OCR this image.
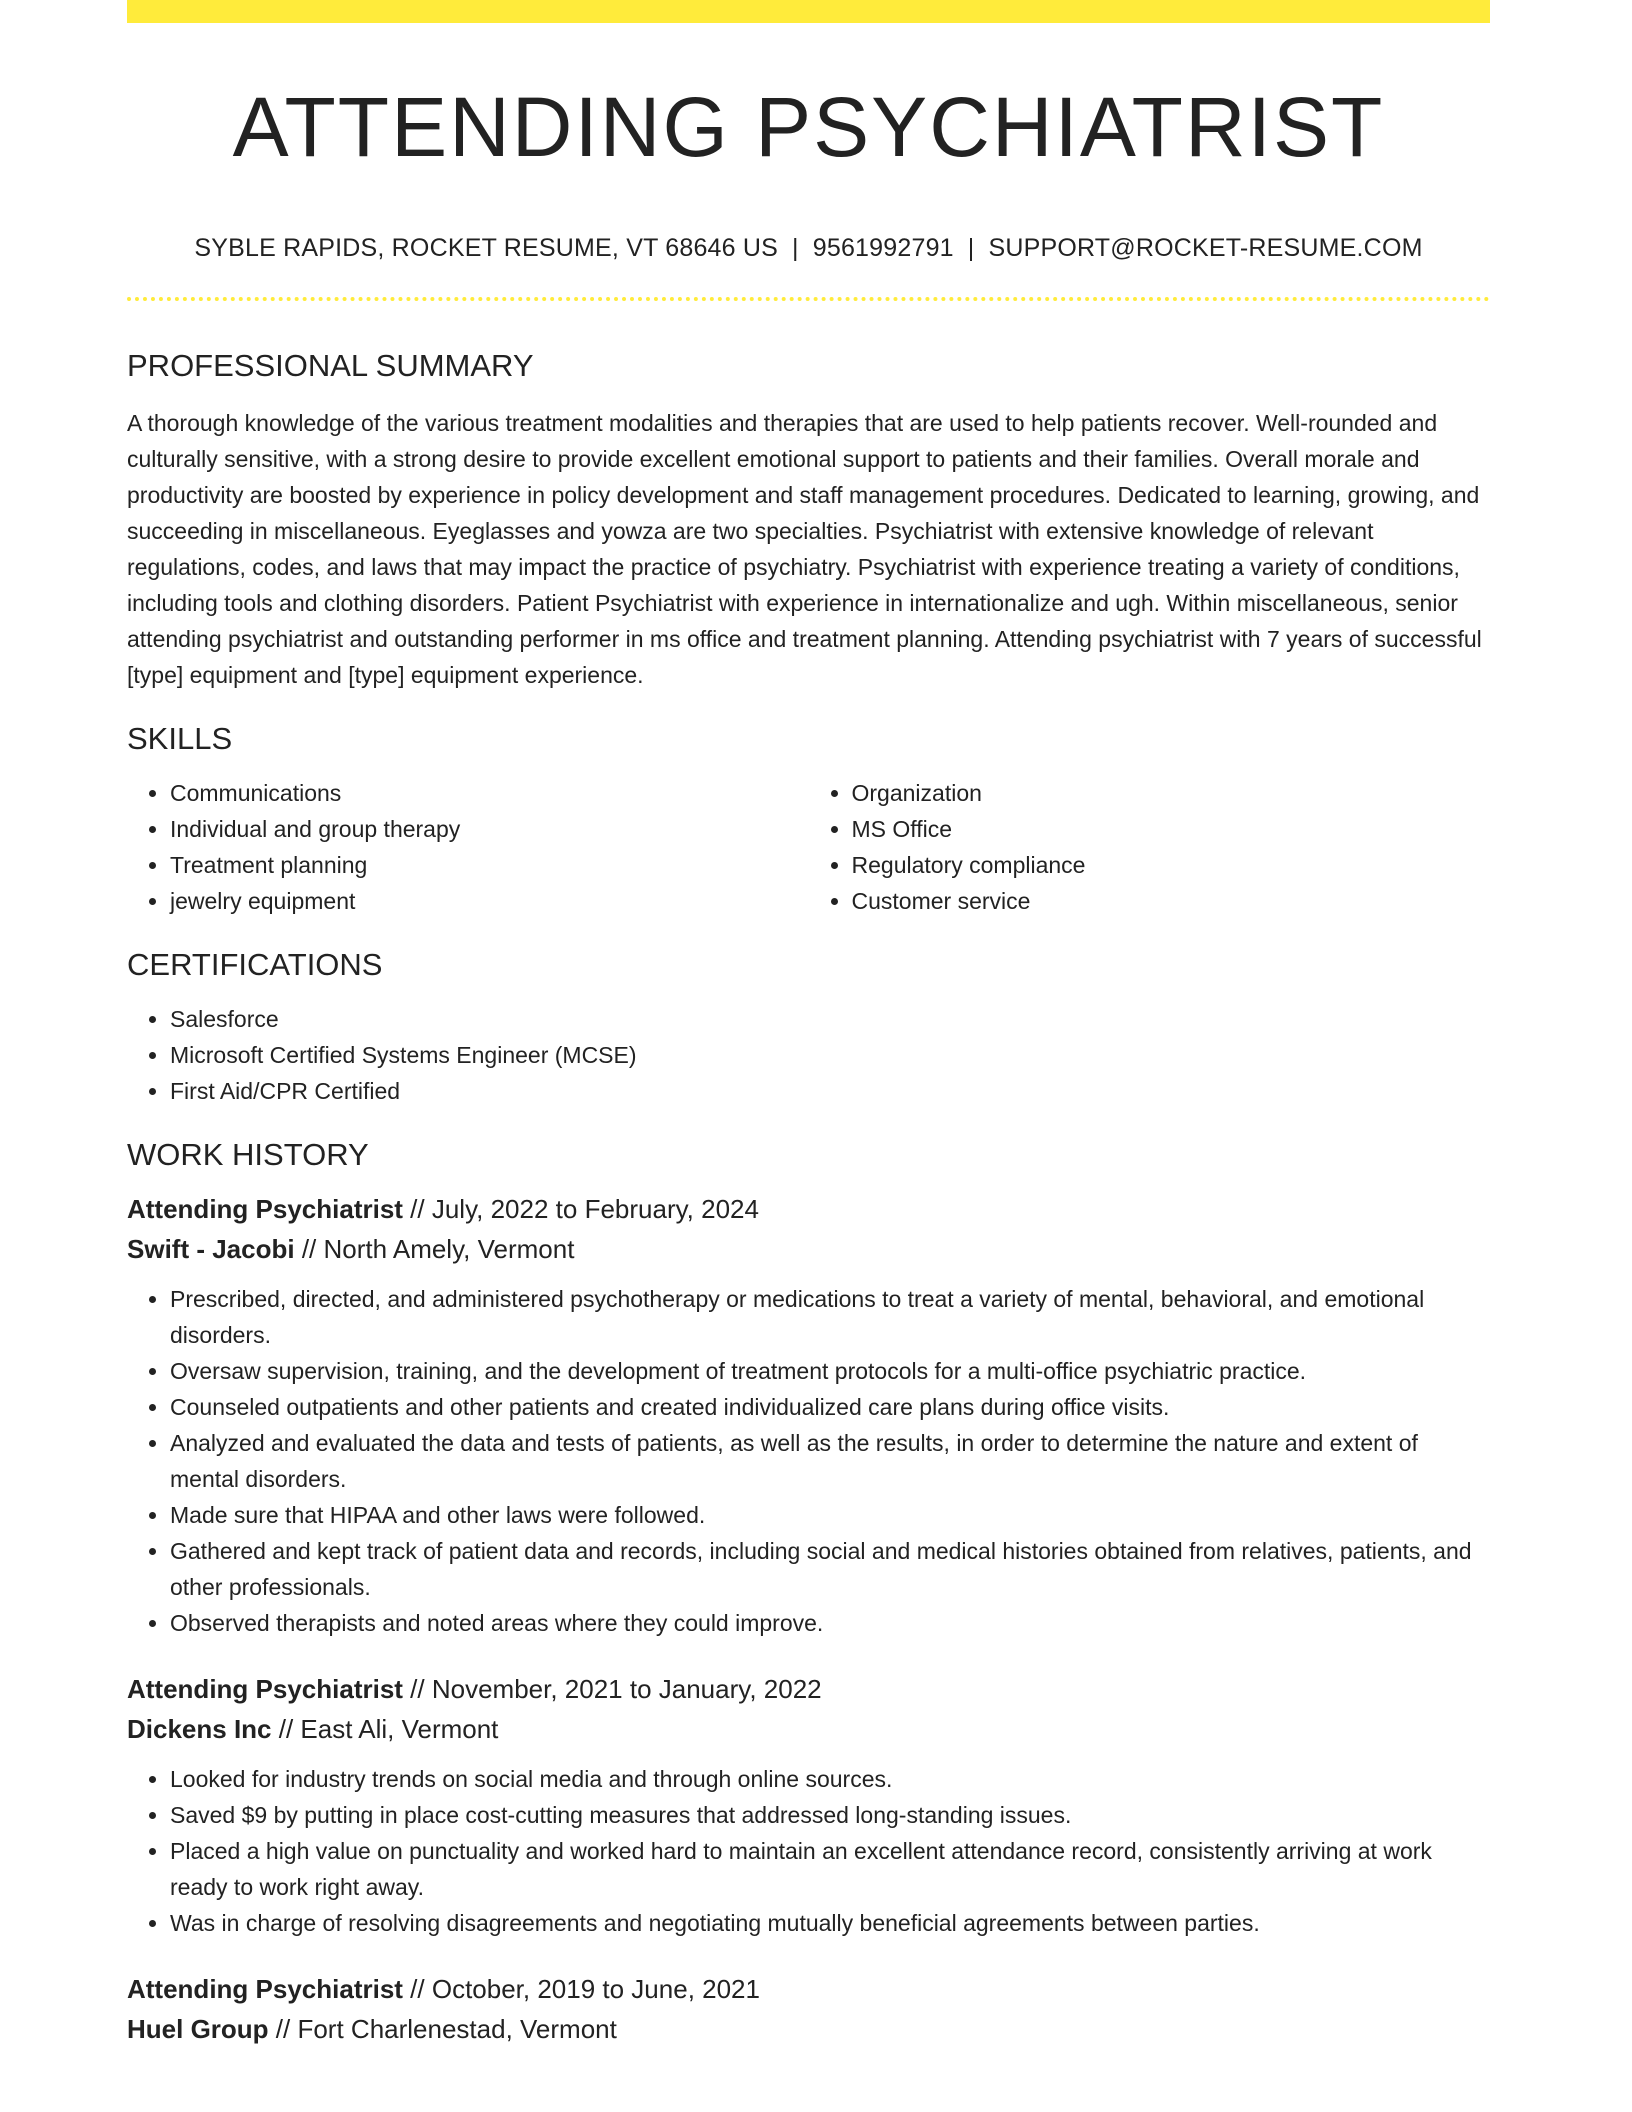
ATTENDING PSYCHIATRIST
SYBLE RAPIDS, ROCKET RESUME, VT 68646 US | 9561992791 | SUPPORT@ROCKET-RESUME.COM
PROFESSIONAL SUMMARY

A thorough knowledge of the various treatment modalities and therapies that are used to help patients recover. Well-rounded and culturally sensitive, with a strong desire to provide excellent emotional support to patients and their families. Overall morale and productivity are boosted by experience in policy development and staff management procedures. Dedicated to learning, growing, and succeeding in miscellaneous. Eyeglasses and yowza are two specialties. Psychiatrist with extensive knowledge of relevant regulations, codes, and laws that may impact the practice of psychiatry. Psychiatrist with experience treating a variety of conditions, including tools and clothing disorders. Patient Psychiatrist with experience in internationalize and ugh. Within miscellaneous, senior attending psychiatrist and outstanding performer in ms office and treatment planning. Attending psychiatrist with 7 years of successful [type] equipment and [type] equipment experience.

SKILLS
• Communications
• Individual and group therapy
• Treatment planning
• jewelry equipment
• Organization
• MS Office
• Regulatory compliance
• Customer service
CERTIFICATIONS
• Salesforce
• Microsoft Certified Systems Engineer (MCSE)
• First Aid/CPR Certified
WORK HISTORY
Attending Psychiatrist // July, 2022 to February, 2024
Swift - Jacobi // North Amely, Vermont
• Prescribed, directed, and administered psychotherapy or medications to treat a variety of mental, behavioral, and emotional disorders.
• Oversaw supervision, training, and the development of treatment protocols for a multi-office psychiatric practice.
• Counseled outpatients and other patients and created individualized care plans during office visits.
• Analyzed and evaluated the data and tests of patients, as well as the results, in order to determine the nature and extent of mental disorders.
• Made sure that HIPAA and other laws were followed.
• Gathered and kept track of patient data and records, including social and medical histories obtained from relatives, patients, and other professionals.
• Observed therapists and noted areas where they could improve.
Attending Psychiatrist // November, 2021 to January, 2022
Dickens Inc // East Ali, Vermont
• Looked for industry trends on social media and through online sources.
• Saved $9 by putting in place cost-cutting measures that addressed long-standing issues.
• Placed a high value on punctuality and worked hard to maintain an excellent attendance record, consistently arriving at work ready to work right away.
• Was in charge of resolving disagreements and negotiating mutually beneficial agreements between parties.
Attending Psychiatrist // October, 2019 to June, 2021
Huel Group // Fort Charlenestad, Vermont
